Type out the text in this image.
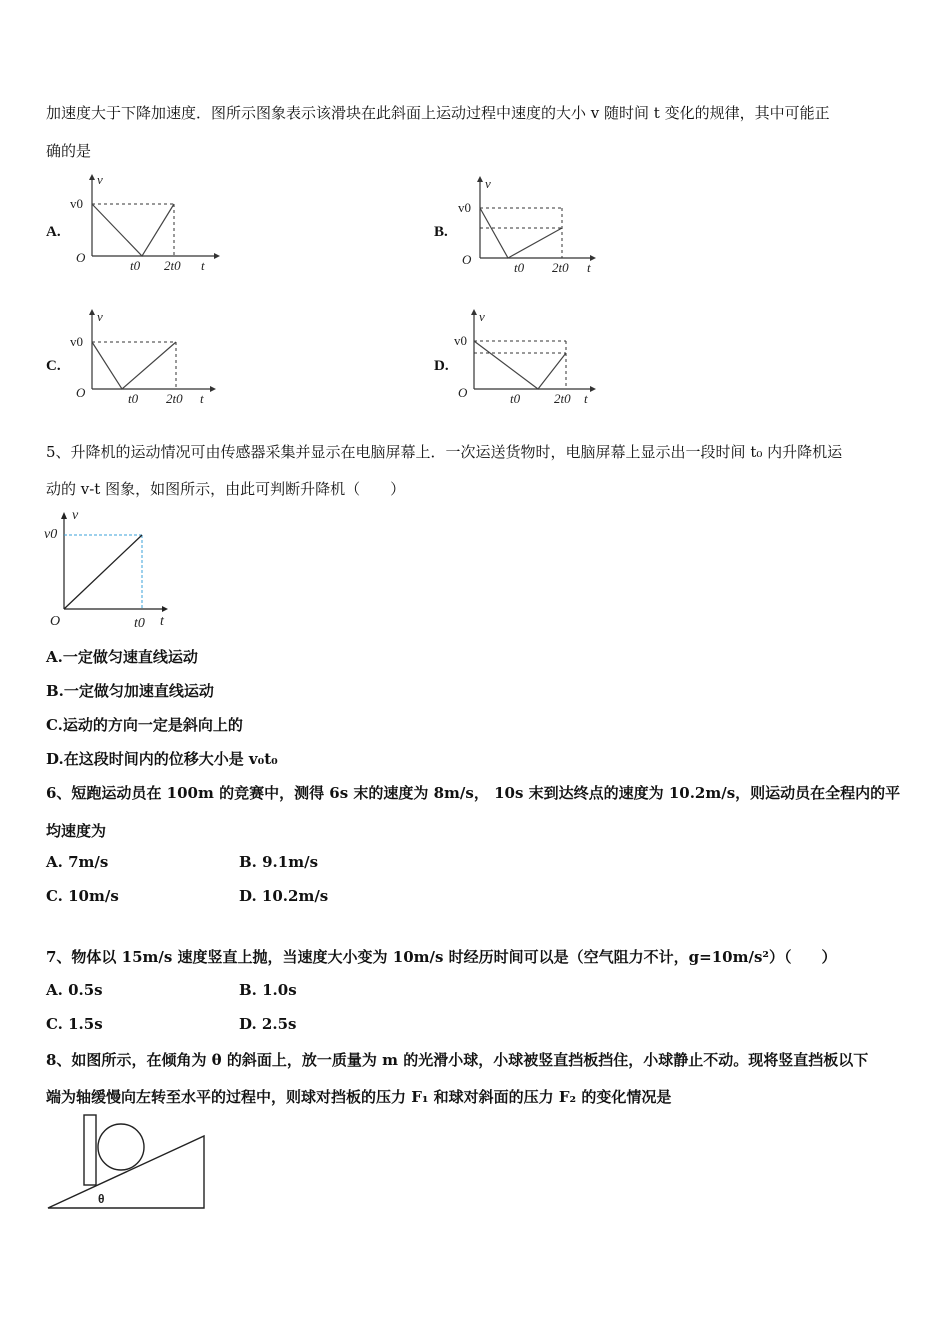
加速度大于下降加速度．图所示图象表示该滑块在此斜面上运动过程中速度的大小 v 随时间 t 变化的规律，其中可能正
确的是
A.
v
v0
O
t0 2t0 t
B.
v
v0
O
t0 2t0 t
C.
v
v0
O	t0 2t0 t
D.
v
v0
O	t0	2t0 t
5、升降机的运动情况可由传感器采集并显示在电脑屏幕上．一次运送货物时，电脑屏幕上显示出一段时间 t₀ 内升降机运
动的 v-t 图象，如图所示，由此可判断升降机（　　）
v
v0
O	t0 t
A.一定做匀速直线运动
B.一定做匀加速直线运动
C.运动的方向一定是斜向上的
D.在这段时间内的位移大小是 v₀t₀
6、短跑运动员在 100m 的竞赛中，测得 6s 末的速度为 8m/s， 10s 末到达终点的速度为 10.2m/s，则运动员在全程内的平
均速度为
A. 7m/s	B. 9.1m/s
C. 10m/s	D. 10.2m/s
7、物体以 15m/s 速度竖直上抛，当速度大小变为 10m/s 时经历时间可以是（空气阻力不计，g=10m/s²）（　　）
A. 0.5s	B. 1.0s
C. 1.5s	D. 2.5s
8、如图所示，在倾角为 θ 的斜面上，放一质量为 m 的光滑小球，小球被竖直挡板挡住，小球静止不动。现将竖直挡板以下
端为轴缓慢向左转至水平的过程中，则球对挡板的压力 F₁ 和球对斜面的压力 F₂ 的变化情况是
θ
